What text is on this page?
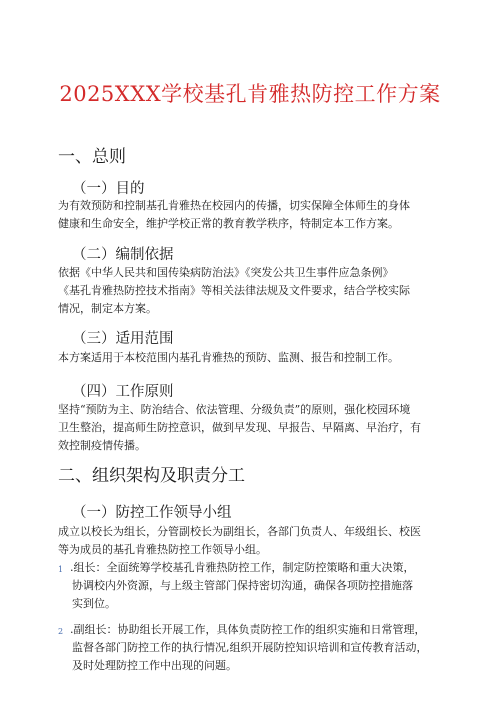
2025XXX学校基孔肯雅热防控工作方案
一、总则
（一）目的
为有效预防和控制基孔肯雅热在校园内的传播，切实保障全体师生的身体
健康和生命安全，维护学校正常的教育教学秩序，特制定本工作方案。
（二）编制依据
依据《中华人民共和国传染病防治法》《突发公共卫生事件应急条例》
《基孔肯雅热防控技术指南》等相关法律法规及文件要求，结合学校实际
情况，制定本方案。
（三）适用范围
本方案适用于本校范围内基孔肯雅热的预防、监测、报告和控制工作。
（四）工作原则
坚持“预防为主、防治结合、依法管理、分级负责”的原则，强化校园环境
卫生整治，提高师生防控意识，做到早发现、早报告、早隔离、早治疗，有
效控制疫情传播。
二、组织架构及职责分工
（一）防控工作领导小组
成立以校长为组长，分管副校长为副组长，各部门负责人、年级组长、校医
等为成员的基孔肯雅热防控工作领导小组。
1 .组长：全面统筹学校基孔肯雅热防控工作，制定防控策略和重大决策，
协调校内外资源，与上级主管部门保持密切沟通，确保各项防控措施落
实到位。
2 .副组长：协助组长开展工作，具体负责防控工作的组织实施和日常管理，
监督各部门防控工作的执行情况,组织开展防控知识培训和宣传教育活动，
及时处理防控工作中出现的问题。
